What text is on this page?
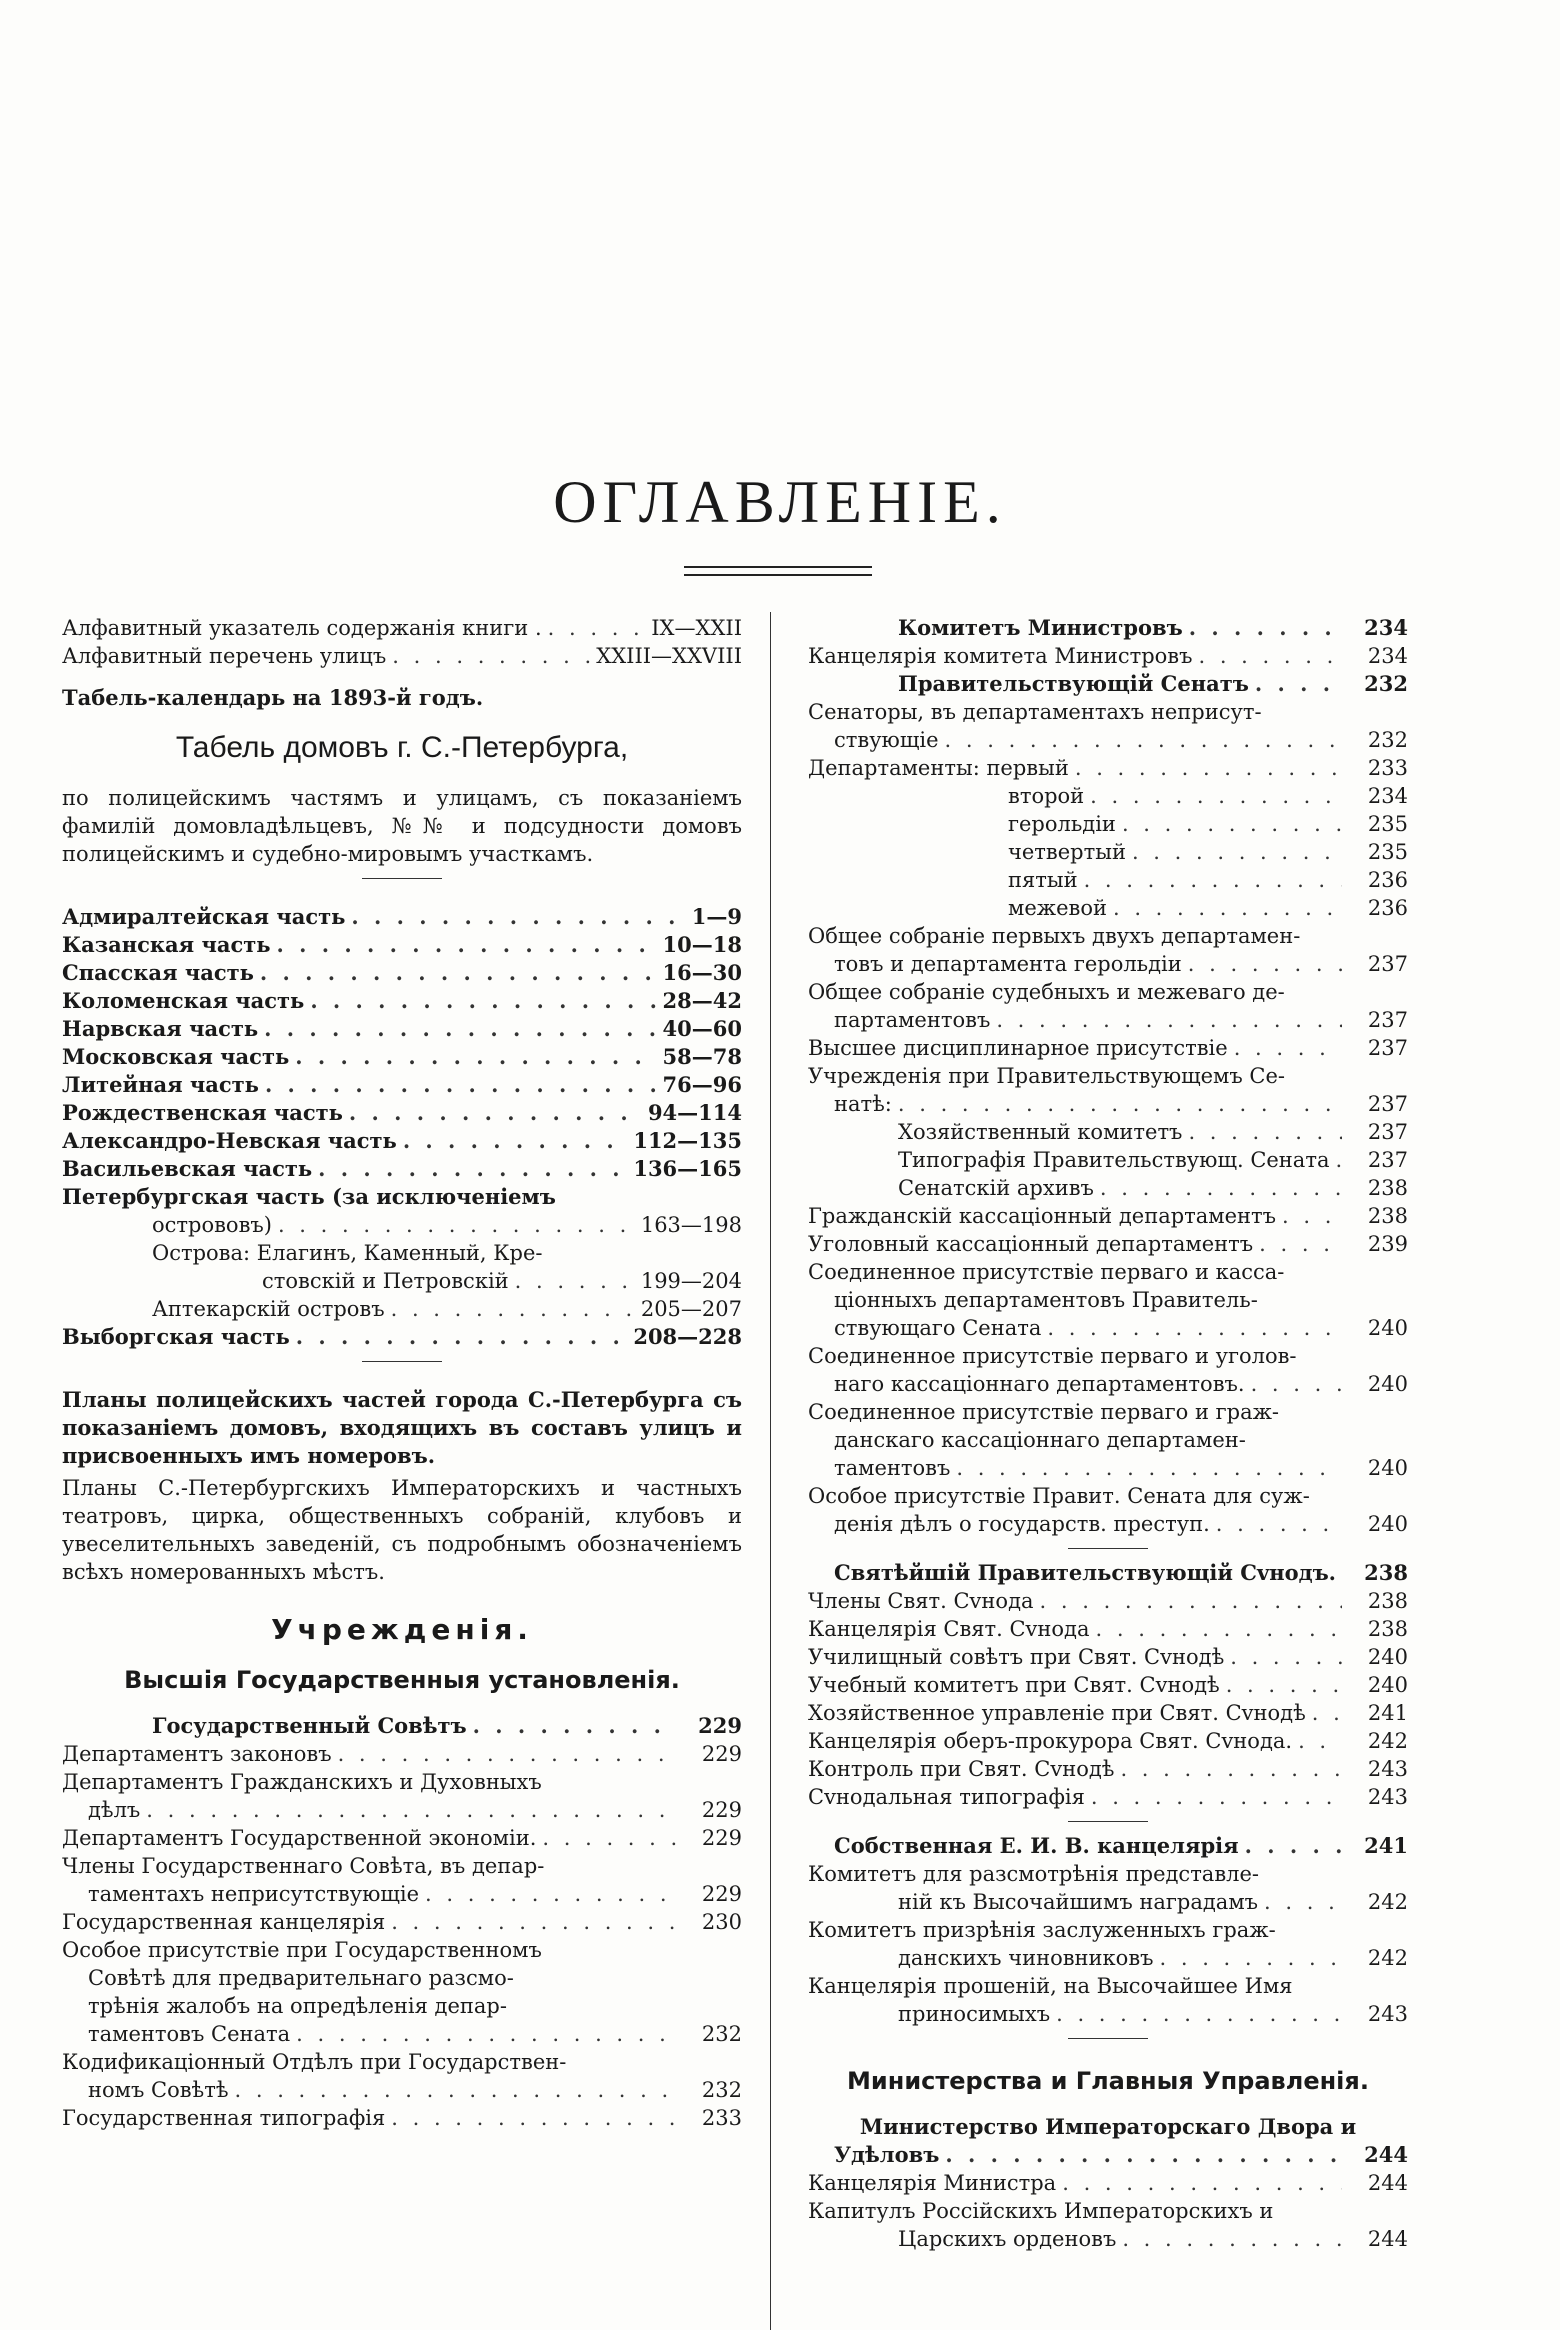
ОГЛАВЛЕНІЕ.
Алфавитный указатель содержанія книги . . . .	IX—XXII
Алфавитный перечень улицъ . . .	XXIII—XXVIII
Табель-календарь на 1893-й годъ.
Табель домовъ г. С.-Петербурга,
по полицейскимъ частямъ и улицамъ, съ показаніемъ фамилій домовладѣльцевъ, №№ и подсудности домовъ полицейскимъ и судебно-мировымъ участкамъ.
Адмиралтейская часть . . .	1—9
Казанская часть . . .	10—18
Спасская часть . . .	16—30
Коломенская часть . . .	28—42
Нарвская часть . . .	40—60
Московская часть . . .	58—78
Литейная часть . . .	76—96
Рождественская часть . . .	94—114
Александро-Невская часть . . .	112—135
Васильевская часть . . .	136—165
Петербургская часть (за исключеніемъ
острововъ) . . .	163—198
Острова: Елагинъ, Каменный, Кре-
стовскій и Петровскій . . .	199—204
Аптекарскій островъ . . .	205—207
Выборгская часть . . .	208—228
Планы полицейскихъ частей города С.-Петербурга съ показаніемъ домовъ, входящихъ въ составъ улицъ и присвоенныхъ имъ номеровъ.
Планы С.-Петербургскихъ Императорскихъ и частныхъ театровъ, цирка, общественныхъ собраній, клубовъ и увеселительныхъ заведеній, съ подробнымъ обозначеніемъ всѣхъ номерованныхъ мѣстъ.
Учрежденія.
Высшія Государственныя установленія.
Государственный Совѣтъ . . .	229
Департаментъ законовъ . . .	229
Департаментъ Гражданскихъ и Духовныхъ
дѣлъ . . .	229
Департаментъ Государственной экономіи. . . .	229
Члены Государственнаго Совѣта, въ депар-
таментахъ неприсутствующіе . . .	229
Государственная канцелярія . . .	230
Особое присутствіе при Государственномъ
Совѣтѣ для предварительнаго разсмо-
трѣнія жалобъ на опредѣленія депар-
таментовъ Сената . . .	232
Кодификаціонный Отдѣлъ при Государствен-
номъ Совѣтѣ . . .	232
Государственная типографія . . .	233
Комитетъ Министровъ . . .	234
Канцелярія комитета Министровъ . . .	234
Правительствующій Сенатъ . . .	232
Сенаторы, въ департаментахъ неприсут-
ствующіе . . .	232
Департаменты: первый . . .	233
второй . . .	234
герольдіи . . .	235
четвертый . . .	235
пятый . . .	236
межевой . . .	236
Общее собраніе первыхъ двухъ департамен-
товъ и департамента герольдіи . . .	237
Общее собраніе судебныхъ и межеваго де-
партаментовъ . . .	237
Высшее дисциплинарное присутствіе . . .	237
Учрежденія при Правительствующемъ Се-
натѣ: . . .	237
Хозяйственный комитетъ . . .	237
Типографія Правительствующ. Сената . . .	237
Сенатскій архивъ . . .	238
Гражданскій кассаціонный департаментъ . . .	238
Уголовный кассаціонный департаментъ . . .	239
Соединенное присутствіе перваго и касса-
ціонныхъ департаментовъ Правитель-
ствующаго Сената . . .	240
Соединенное присутствіе перваго и уголов-
наго кассаціоннаго департаментовъ. . . .	240
Соединенное присутствіе перваго и граж-
данскаго кассаціоннаго департамен-
таментовъ . . .	240
Особое присутствіе Правит. Сената для суж-
денія дѣлъ о государств. преступ. . . .	240
Святѣйшій Правительствующій Сvнодъ.	238
Члены Свят. Сvнода . . .	238
Канцелярія Свят. Сvнода . . .	238
Училищный совѣтъ при Свят. Сvнодѣ . . .	240
Учебный комитетъ при Свят. Сvнодѣ . . .	240
Хозяйственное управленіе при Свят. Сvнодѣ . . .	241
Канцелярія оберъ-прокурора Свят. Сvнода. . . .	242
Контроль при Свят. Сvнодѣ . . .	243
Сvнодальная типографія . . .	243
Собственная Е. И. В. канцелярія . . .	241
Комитетъ для разсмотрѣнія представле-
ній къ Высочайшимъ наградамъ . . .	242
Комитетъ призрѣнія заслуженныхъ граж-
данскихъ чиновниковъ . . .	242
Канцелярія прошеній, на Высочайшее Имя
приносимыхъ . . .	243
Министерства и Главныя Управленія.
Министерство Императорскаго Двора и
Удѣловъ . . .	244
Канцелярія Министра . . .	244
Капитулъ Россійскихъ Императорскихъ и
Царскихъ орденовъ . . .	244
